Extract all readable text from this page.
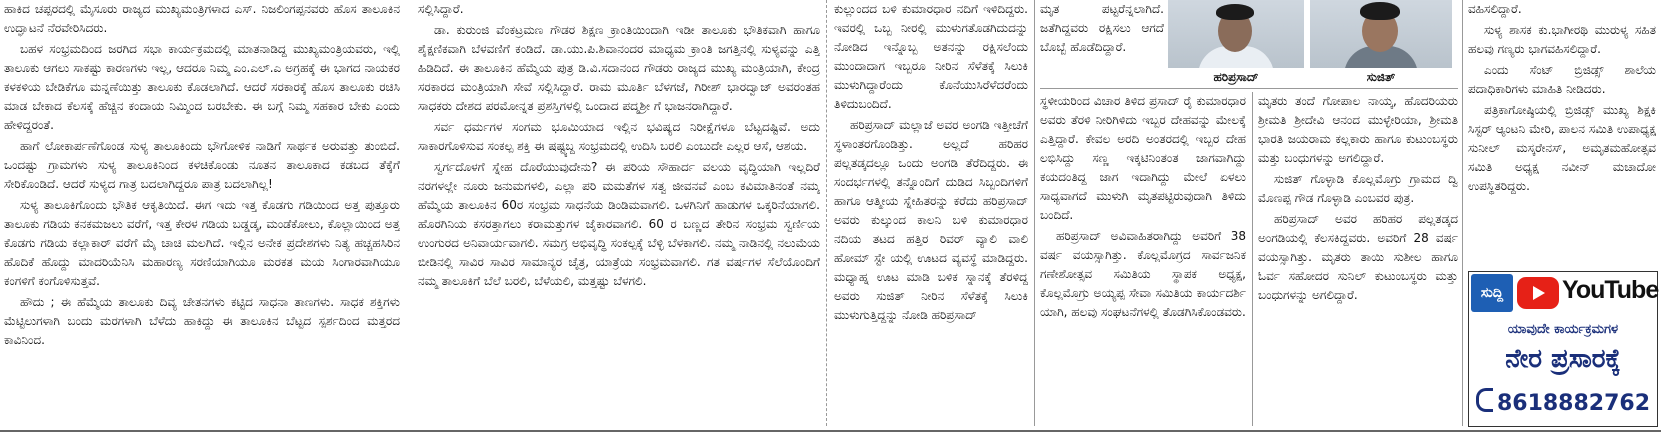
ಹಾಕಿದ ಚಪ್ಪರದಲ್ಲಿ ಮೈಸೂರು ರಾಜ್ಯದ ಮುಖ್ಯಮಂತ್ರಿಗಳಾದ ಎಸ್. ನಿಜಲಿಂಗಪ್ಪನವರು ಹೊಸ ತಾಲೂಕಿನ ಉದ್ಘಾಟನೆ ನೆರವೇರಿಸಿದರು.

ಬಹಳ ಸಂಭ್ರಮದಿಂದ ಜರಗಿದ ಸಭಾ ಕಾರ್ಯಕ್ರಮದಲ್ಲಿ ಮಾತನಾಡಿದ್ದ ಮುಖ್ಯಮಂತ್ರಿಯವರು, ಇಲ್ಲಿ ತಾಲೂಕು ಆಗಲು ಸಾಕಷ್ಟು ಕಾರಣಗಳು ಇಲ್ಲ, ಆದರೂ ನಿಮ್ಮ ಎಂ.ಎಲ್.ಎ ಅಗ್ರಹಕ್ಕೆ ಈ ಭಾಗದ ನಾಯಕರ ಕಳಕಳಿಯ ಬೇಡಿಕೆಗೂ ಮನ್ನಣೆಯಿತ್ತು ತಾಲೂಕು ಕೊಡಲಾಗಿದೆ. ಆದರೆ ಸರಕಾರಕ್ಕೆ ಹೊಸ ತಾಲೂಕು ರಚಿಸಿ ಮಾಡ ಬೇಕಾದ ಕೆಲಸಕ್ಕೆ ಹೆಚ್ಚಿನ ಕಂದಾಯ ನಿಮ್ಮಿಂದ ಬರಬೇಕು. ಈ ಬಗ್ಗೆ ನಿಮ್ಮ ಸಹಕಾರ ಬೇಕು ಎಂದು ಹೇಳಿದ್ದರಂತೆ.

ಹಾಗೆ ಲೋಕಾರ್ಪಣೆಗೊಂಡ ಸುಳ್ಯ ತಾಲೂಕಿಂದು ಭೌಗೋಳಿಕ ನಾಡಿಗೆ ಸಾರ್ಥಕ ಅರುವತ್ತು ತುಂಬಿದೆ. ಒಂದಷ್ಟು ಗ್ರಾಮಗಳು ಸುಳ್ಯ ತಾಲೂಕಿನಿಂದ ಕಳಚಿಕೊಂಡು ನೂತನ ತಾಲೂಕಾದ ಕಡಬದ ತೆಕ್ಕೆಗೆ ಸೇರಿಕೊಂಡಿದೆ. ಆದರೆ ಸುಳ್ಯದ ಗಾತ್ರ ಬದಲಾಗಿದ್ದರೂ ಪಾತ್ರ ಬದಲಾಗಿಲ್ಲ!

ಸುಳ್ಯ ತಾಲೂಕಿಗೊಂದು ಭೌತಿಕ ಆಕೃತಿಯಿದೆ. ಈಗ ಇದು ಇತ್ತ ಕೊಡಗು ಗಡಿಯಿಂದ ಅತ್ತ ಪುತ್ತೂರು ತಾಲೂಕು ಗಡಿಯ ಕನಕಮಜಲು ವರೆಗೆ, ಇತ್ತ ಕೇರಳ ಗಡಿಯ ಬಡ್ಡಡ್ಕ, ಮಂಡೆಕೋಲು, ಕೊಲ್ಲಾಯಿಂದ ಅತ್ತ ಕೊಡಗು ಗಡಿಯ ಕಲ್ಲಾಕಾರ್ ವರೆಗೆ ಮೈ ಚಾಚಿ ಮಲಗಿದೆ. ಇಲ್ಲಿನ ಅನೇಕ ಪ್ರದೇಶಗಳು ನಿತ್ಯ ಹಚ್ಚಹಸಿರಿನ ಹೊದಿಕೆ ಹೊದ್ದು ಮಾದರಿಯೆನಿಸಿ ಮಹಾರಣ್ಯ ಸರಣಿಯಾಗಿಯೂ ಮರಕತ ಮಯ ಸಿಂಗಾರವಾಗಿಯೂ ಕಂಗಳಿಗೆ ಕಂಗೊಳಿಸುತ್ತವೆ.

ಹೌದು ; ಈ ಹೆಮ್ಮೆಯ ತಾಲೂಕು ದಿವ್ಯ ಚೇತನಗಳು ಕಟ್ಟಿದ ಸಾಧನಾ ತಾಣಗಳು. ಸಾಧಕ ಶಕ್ತಿಗಳು ಮೆಟ್ಟಿಲುಗಳಾಗಿ ಬಂದು ಮರಗಳಾಗಿ ಬೆಳೆದು ಹಾಕಿದ್ದು ಈ ತಾಲೂಕಿನ ಬೆಟ್ಟದ ಸ್ಪರ್ಶದಿಂದ ಮತ್ತರದ ಕಾವಿನಿಂದ.

ಸಲ್ಲಿಸಿದ್ದಾರೆ.

ಡಾ. ಕುರುಂಜಿ ವೆಂಕಟ್ರಮಣ ಗೌಡರ ಶಿಕ್ಷಣ ಕ್ರಾಂತಿಯಿಂದಾಗಿ ಇಡೀ ತಾಲೂಕು ಭೌತಿಕವಾಗಿ ಹಾಗೂ ಶೈಕ್ಷಣಿಕವಾಗಿ ಬೆಳವಣಿಗೆ ಕಂಡಿದೆ. ಡಾ.ಯು.ಪಿ.ಶಿವಾನಂದರ ಮಾಧ್ಯಮ ಕ್ರಾಂತಿ ಜಗತ್ತಿನಲ್ಲಿ ಸುಳ್ಯವನ್ನು ಎತ್ತಿ ಹಿಡಿದಿದೆ. ಈ ತಾಲೂಕಿನ ಹೆಮ್ಮೆಯ ಪುತ್ರ ಡಿ.ವಿ.ಸದಾನಂದ ಗೌಡರು ರಾಜ್ಯದ ಮುಖ್ಯ ಮಂತ್ರಿಯಾಗಿ, ಕೇಂದ್ರ ಸರಕಾರದ ಮಂತ್ರಿಯಾಗಿ ಸೇವೆ ಸಲ್ಲಿಸಿದ್ದಾರೆ. ರಾಮ ಮೂರ್ತಿ ಬೆಳಗಜೆ, ಗಿರೀಶ್ ಭಾರದ್ವಾಜ್ ಅವರಂತಹ ಸಾಧಕರು ದೇಶದ ಪರಮೋನ್ನತ ಪ್ರಶಸ್ತಿಗಳಲ್ಲಿ ಒಂದಾದ ಪದ್ಮಶ್ರೀ ಗೆ ಭಾಜನರಾಗಿದ್ದಾರೆ.

ಸರ್ವ ಧರ್ಮಗಳ ಸಂಗಮ ಭೂಮಿಯಾದ ಇಲ್ಲಿನ ಭವಿಷ್ಯದ ನಿರೀಕ್ಷೆಗಳೂ ಬೆಟ್ಟದಷ್ಟಿವೆ. ಅದು ಸಾಕಾರಗೊಳಿಸುವ ಸಂಕಲ್ಪ ಶಕ್ತಿ ಈ ಷಷ್ಟ್ಯಬ್ದ ಸಂಭ್ರಮದಲ್ಲಿ ಉದಿಸಿ ಬರಲಿ ಎಂಬುದೇ ಎಲ್ಲರ ಆಸೆ, ಆಶಯ.

ಸ್ವರ್ಗದೊಳಗೆ ಸ್ನೇಹ ದೊರೆಯುವುದೇನು? ಈ ಪರಿಯ ಸೌಹಾರ್ದ ವಲಯ ವೃದ್ಧಿಯಾಗಿ ಇಲ್ಲದಿರೆ ನರಗಳಲ್ಲೇ ನೂರು ಜನುಮಗಳಲಿ, ಎಲ್ಲಾ ಪರಿ ಮಮತೆಗಳ ಸತ್ವ ಜೀವನವೆ ಎಂಬ ಕವಿಮಾತಿನಂತೆ ನಮ್ಮ ಹೆಮ್ಮೆಯ ತಾಲೂಕಿನ 60ರ ಸಂಭ್ರಮ ಸಾಧನೆಯ ಡಿಂಡಿಮವಾಗಲಿ. ಒಳಗಿನಿಗೆ ಹಾಡುಗಳ ಒಕ್ಕರಿನೆಯಾಗಲಿ. ಹೊರಗಿನಿಯ ಕಸರತ್ತಾಗಲು ಕರಾಮತ್ತುಗಳ ಜೈಕಾರವಾಗಲಿ. 60 ರ ಬಣ್ಣದ ತೇರಿನ ಸಂಭ್ರಮ ಸ್ವರ್ಣಿಯ ಉಂಗುರದ ಅನಿವಾರ್ಯವಾಗಲಿ. ಸಮಗ್ರ ಅಭಿವೃದ್ಧಿ ಸಂಕಲ್ಪಕ್ಕೆ ಬೆಳ್ಳಿ ಬೆಳಕಾಗಲಿ. ನಮ್ಮ ನಾಡಿನಲ್ಲಿ ನಲುಮೆಯ ಬೀಡಿನಲ್ಲಿ ಸಾವಿರ ಸಾವಿರ ಸಾಮಾನ್ಯರ ಚೈತ್ರ, ಯಾತ್ರೆಯ ಸಂಭ್ರಮವಾಗಲಿ. ಗತ ವರ್ಷಗಳ ಸೆಲೆಯೊಂದಿಗೆ ನಮ್ಮ ತಾಲೂಕಿಗೆ ಬೆಲೆ ಬರಲಿ, ಬೆಳೆಯಲಿ, ಮತ್ತಷ್ಟು ಬೆಳಗಲಿ.

ಕುಲ್ಲುಂದದ ಬಳಿ ಕುಮಾರಧಾರ ನದಿಗೆ ಇಳಿದಿದ್ದರು. ಇವರಲ್ಲಿ ಒಬ್ಬ ನೀರಲ್ಲಿ ಮುಳುಗತೊಡಗಿದುದನ್ನು ನೋಡಿದ ಇನ್ನೊಬ್ಬ ಅತನನ್ನು ರಕ್ಷಿಸಲೆಂದು ಮುಂದಾದಾಗ ಇಬ್ಬರೂ ನೀರಿನ ಸೆಳೆತಕ್ಕೆ ಸಿಲುಕಿ ಮುಳುಗಿದ್ದಾರೆಂದು ಕೊನೆಯುಸಿರೆಳೆದರೆಂದು ತಿಳಿದುಬಂದಿದೆ.

ಹರಿಪ್ರಸಾದ್ ಮಲ್ಲಾಜೆ ಅವರ ಅಂಗಡಿ ಇತ್ತೀಚೆಗೆ ಸ್ಥಳಾಂತರಗೊಂಡಿತ್ತು. ಅಲ್ಲದೆ ಹರಿಹರ ಪಲ್ಲತಡ್ಕದಲ್ಲೂ ಒಂದು ಅಂಗಡಿ ತೆರೆದಿದ್ದರು. ಈ ಸಂದರ್ಭಗಳಲ್ಲಿ ತನ್ನೊಂದಿಗೆ ದುಡಿದ ಸಿಬ್ಬಂದಿಗಳಿಗೆ ಹಾಗೂ ಆತ್ಮೀಯ ಸ್ನೇಹಿತರನ್ನು ಕರೆದು ಹರಿಪ್ರಸಾದ್ ಅವರು ಕುಲ್ಕುಂದ ಕಾಲನಿ ಬಳಿ ಕುಮಾರಧಾರ ನದಿಯ ತಟದ ಹತ್ತಿರ ರಿವರ್ ವ್ಯಾಲಿ ವಾಲಿ ಹೋಮ್ ಸ್ಟೇ ಯಲ್ಲಿ ಊಟದ ವ್ಯವಸ್ಥೆ ಮಾಡಿದ್ದರು. ಮಧ್ಯಾಹ್ನ ಊಟ ಮಾಡಿ ಬಳಿಕ ಸ್ನಾನಕ್ಕೆ ತೆರಳಿದ್ದ ಅವರು ಸುಜಿತ್ ನೀರಿನ ಸೆಳೆತಕ್ಕೆ ಸಿಲುಕಿ ಮುಳುಗುತ್ತಿದ್ದನ್ನು ನೋಡಿ ಹರಿಪ್ರಸಾದ್

ಮೃತ ಪಟ್ಟರೆನ್ನಲಾಗಿದೆ. ಜತೆಗಿದ್ದವರು ರಕ್ಷಿಸಲು ಆಗದೆ ಬೊಬ್ಬೆ ಹೊಡೆದಿದ್ದಾರೆ.

ಹರಿಪ್ರಸಾದ್	ಸುಜಿತ್

ಸ್ಥಳೀಯರಿಂದ ವಿಚಾರ ತಿಳಿದ ಪ್ರಸಾದ್ ರೈ ಕುಮಾರಧಾರ ಅವರು ತೆರಳಿ ನೀರಿಗಿಳಿದು ಇಬ್ಬರ ದೇಹವನ್ನು ಮೇಲಕ್ಕೆ ಎತ್ತಿದ್ದಾರೆ. ಕೇವಲ ಅರದಿ ಅಂತರದಲ್ಲಿ ಇಬ್ಬರ ದೇಹ ಲಭಿಸಿದ್ದು ಸಣ್ಣ ಇಕ್ಕಟಿನಿಂತಂತ ಜಾಗವಾಗಿದ್ದು ಕಯದಂತಿದ್ದ ಜಾಗ ಇದಾಗಿದ್ದು ಮೇಲೆ ಏಳಲು ಸಾಧ್ಯವಾಗದೆ ಮುಳುಗಿ ಮೃತಪಟ್ಟಿರುವುದಾಗಿ ತಿಳಿದು ಬಂದಿದೆ.

ಹರಿಪ್ರಸಾದ್ ಅವಿವಾಹಿತರಾಗಿದ್ದು ಅವರಿಗೆ 38 ವರ್ಷ ವಯಸ್ಸಾಗಿತ್ತು. ಕೊಲ್ಲಮೊಗ್ರದ ಸಾರ್ವಜನಿಕ ಗಣೇಶೋತ್ಸವ ಸಮಿತಿಯ ಸ್ಥಾಪಕ ಅಧ್ಯಕ್ಷ, ಕೊಲ್ಲಮೊಗ್ರು ಅಯ್ಯಪ್ಪ ಸೇವಾ ಸಮಿತಿಯ ಕಾರ್ಯದರ್ಶಿ ಯಾಗಿ, ಹಲವು ಸಂಘಟನೆಗಳಲ್ಲಿ ತೊಡಗಿಸಿಕೊಂಡವರು.

ಮೃತರು ತಂದೆ ಗೋಪಾಲ ನಾಯ್ಕ, ಹೊದರಿಯರು ಶ್ರೀಮತಿ ಶ್ರೀದೇವಿ ಆನಂದ ಮುಳ್ಳೇರಿಯಾ, ಶ್ರೀಮತಿ ಭಾರತಿ ಜಯರಾಮ ಕಲ್ಲಕಾರು ಹಾಗೂ ಕುಟುಂಬಸ್ಥರು ಮತ್ತು ಬಂಧುಗಳನ್ನು ಅಗಲಿದ್ದಾರೆ.

ಸುಜಿತ್ ಗೊಳ್ಳಾಡಿ ಕೊಲ್ಲಮೊಗ್ರು ಗ್ರಾಮದ ದ್ವಿ ಮೊಣಪ್ಪ ಗೌಡ ಗೊಳ್ಳಾಡಿ ಎಂಬವರ ಪುತ್ರ.

ಹರಿಪ್ರಸಾದ್ ಅವರ ಹರಿಹರ ಪಲ್ಲತಡ್ಕದ ಅಂಗಡಿಯಲ್ಲಿ ಕೆಲಸಕಿದ್ದವರು. ಅವರಿಗೆ 28 ವರ್ಷ ವಯಸ್ಸಾಗಿತ್ತು. ಮೃತರು ತಾಯಿ ಸುಶೀಲ ಹಾಗೂ ಓರ್ವ ಸಹೋದರ ಸುನಿಲ್ ಕುಟುಂಬಸ್ಥರು ಮತ್ತು ಬಂಧುಗಳನ್ನು ಅಗಲಿದ್ದಾರೆ.

ವಹಿಸಲಿದ್ದಾರೆ.

ಸುಳ್ಯ ಶಾಸಕ ಕು.ಭಾಗೀರಥಿ ಮುರುಳ್ಯ ಸಹಿತ ಹಲವು ಗಣ್ಯರು ಭಾಗವಹಿಸಲಿದ್ದಾರೆ.

ಎಂದು ಸೆಂಟ್ ಬ್ರಿಜಿಡ್ಸ್ ಶಾಲೆಯ ಪದಾಧಿಕಾರಿಗಳು ಮಾಹಿತಿ ನೀಡಿದರು.

ಪತ್ರಿಕಾಗೋಷ್ಠಿಯಲ್ಲಿ ಬ್ರಿಜಿಡ್ಸ್ ಮುಖ್ಯ ಶಿಕ್ಷಕಿ ಸಿಸ್ಟರ್ ಆ್ಯಂಟನಿ ಮೇರಿ, ಪಾಲನ ಸಮಿತಿ ಉಪಾಧ್ಯಕ್ಷ ಸುನೀಲ್ ಮಸ್ಕರೇನಸ್, ಅಮೃತಮಹೋತ್ಸವ ಸಮಿತಿ ಅಧ್ಯಕ್ಷ ನವೀನ್ ಮಚಾದೋ ಉಪಸ್ಥಿತರಿದ್ದರು.

ಸುದ್ದಿ	YouTube
ಯಾವುದೇ ಕಾರ್ಯಕ್ರಮಗಳ
ನೇರ ಪ್ರಸಾರಕ್ಕೆ
8618882762
